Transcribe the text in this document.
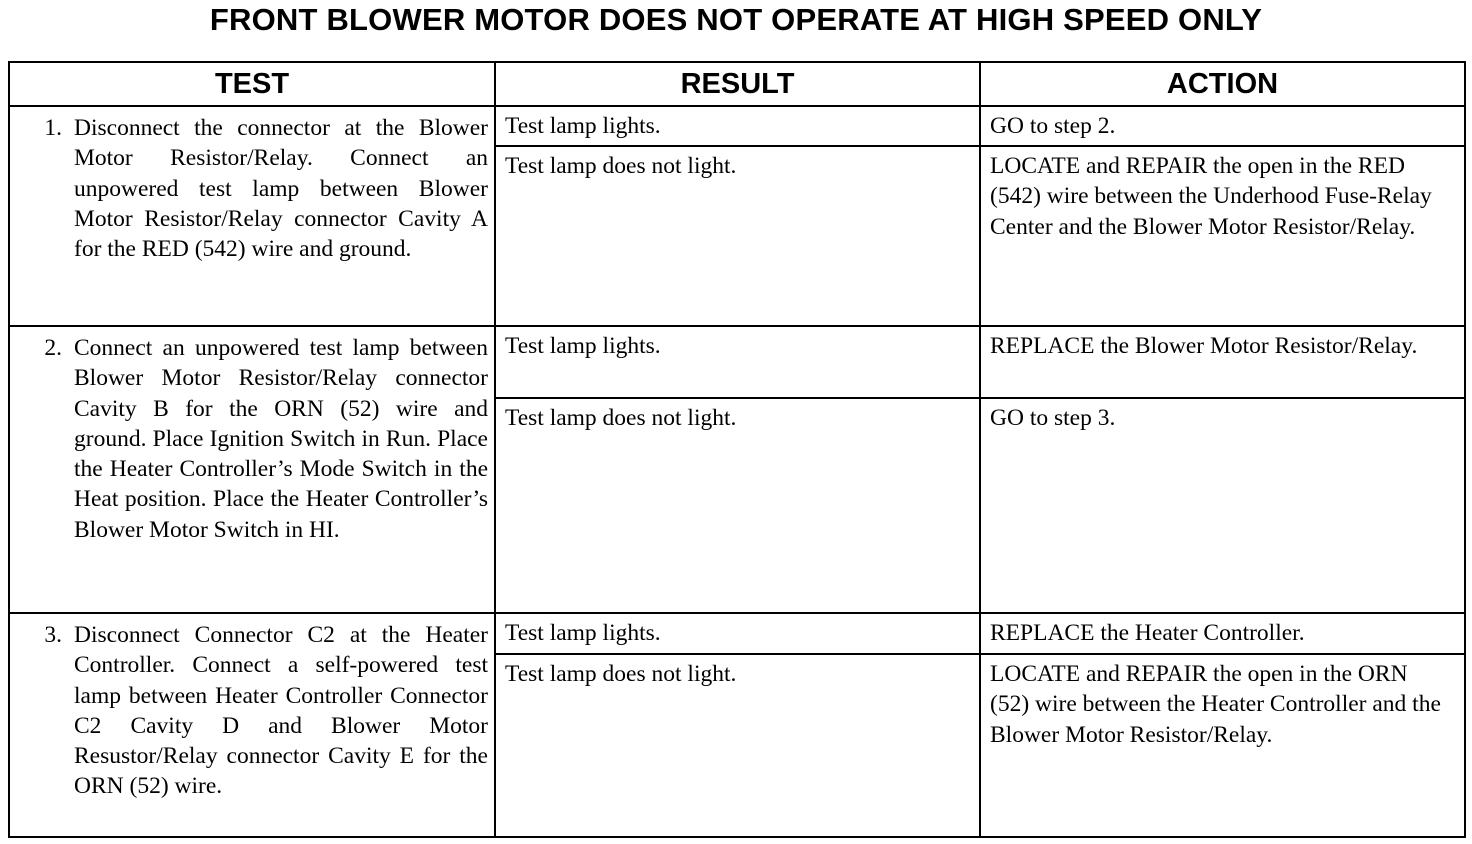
FRONT BLOWER MOTOR DOES NOT OPERATE AT HIGH SPEED ONLY
TEST	RESULT	ACTION

1. Disconnect the connector at the Blower Motor Resistor/Relay. Connect an unpowered test lamp between Blower Motor Resistor/Relay connector Cavity A for the RED (542) wire and ground.	Test lamp lights.	GO to step 2.

	Test lamp does not light.	LOCATE and REPAIR the open in the RED (542) wire between the Underhood Fuse-Relay Center and the Blower Motor Resistor/Relay.

2. Connect an unpowered test lamp between Blower Motor Resistor/Relay connector Cavity B for the ORN (52) wire and ground. Place Ignition Switch in Run. Place the Heater Controller’s Mode Switch in the Heat position. Place the Heater Controller’s Blower Motor Switch in HI.	Test lamp lights.	REPLACE the Blower Motor Resistor/Relay.

	Test lamp does not light.	GO to step 3.

3. Disconnect Connector C2 at the Heater Controller. Connect a self-powered test lamp between Heater Controller Connector C2 Cavity D and Blower Motor Resustor/Relay connector Cavity E for the ORN (52) wire.	Test lamp lights.	REPLACE the Heater Controller.

	Test lamp does not light.	LOCATE and REPAIR the open in the ORN (52) wire between the Heater Controller and the Blower Motor Resistor/Relay.
